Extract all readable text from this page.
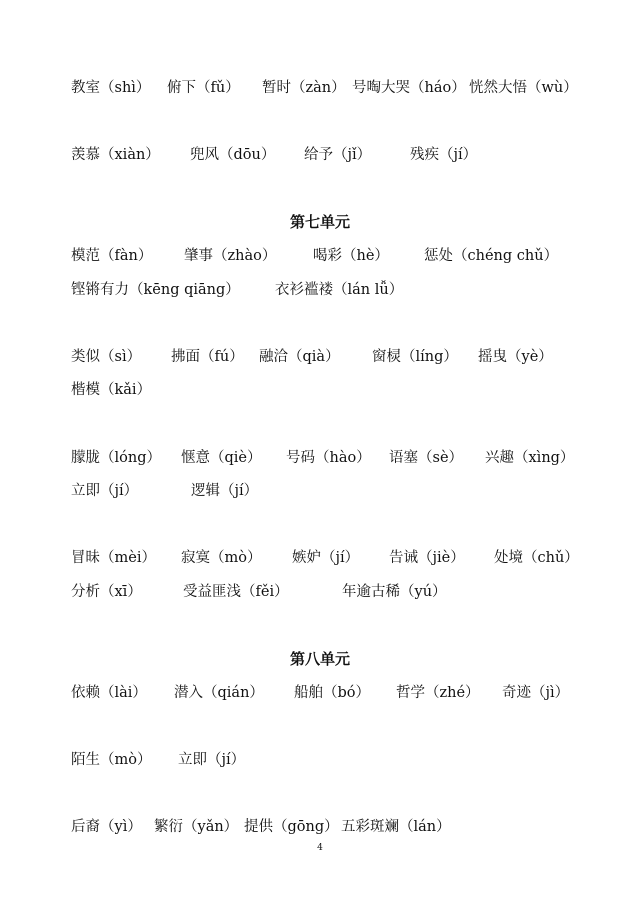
教室（shì） 俯下（fǔ） 暂时（zàn） 号啕大哭（háo） 恍然大悟（wù）
羡慕（xiàn） 兜风（dōu） 给予（jǐ）	残疾（jí）
第七单元
模范（fàn） 肇事（zhào）	喝彩（hè） 惩处（chéng chǔ）
铿锵有力（kēng qiāng） 衣衫褴褛（lán lǚ）
类似（sì） 拂面（fú） 融洽（qià） 窗棂（líng） 摇曳（yè）
楷模（kǎi）
朦胧（lóng） 惬意（qiè） 号码（hào） 语塞（sè） 兴趣（xìng）
立即（jí）	逻辑（jí）
冒昧（mèi） 寂寞（mò） 嫉妒（jí） 告诫（jiè） 处境（chǔ）
分析（xī）	受益匪浅（fěi）	年逾古稀（yú）
第八单元
依赖（lài） 潜入（qián） 船舶（bó） 哲学（zhé） 奇迹（jì）
陌生（mò） 立即（jí）
后裔（yì） 繁衍（yǎn） 提供（gōng） 五彩斑斓（lán）
4
